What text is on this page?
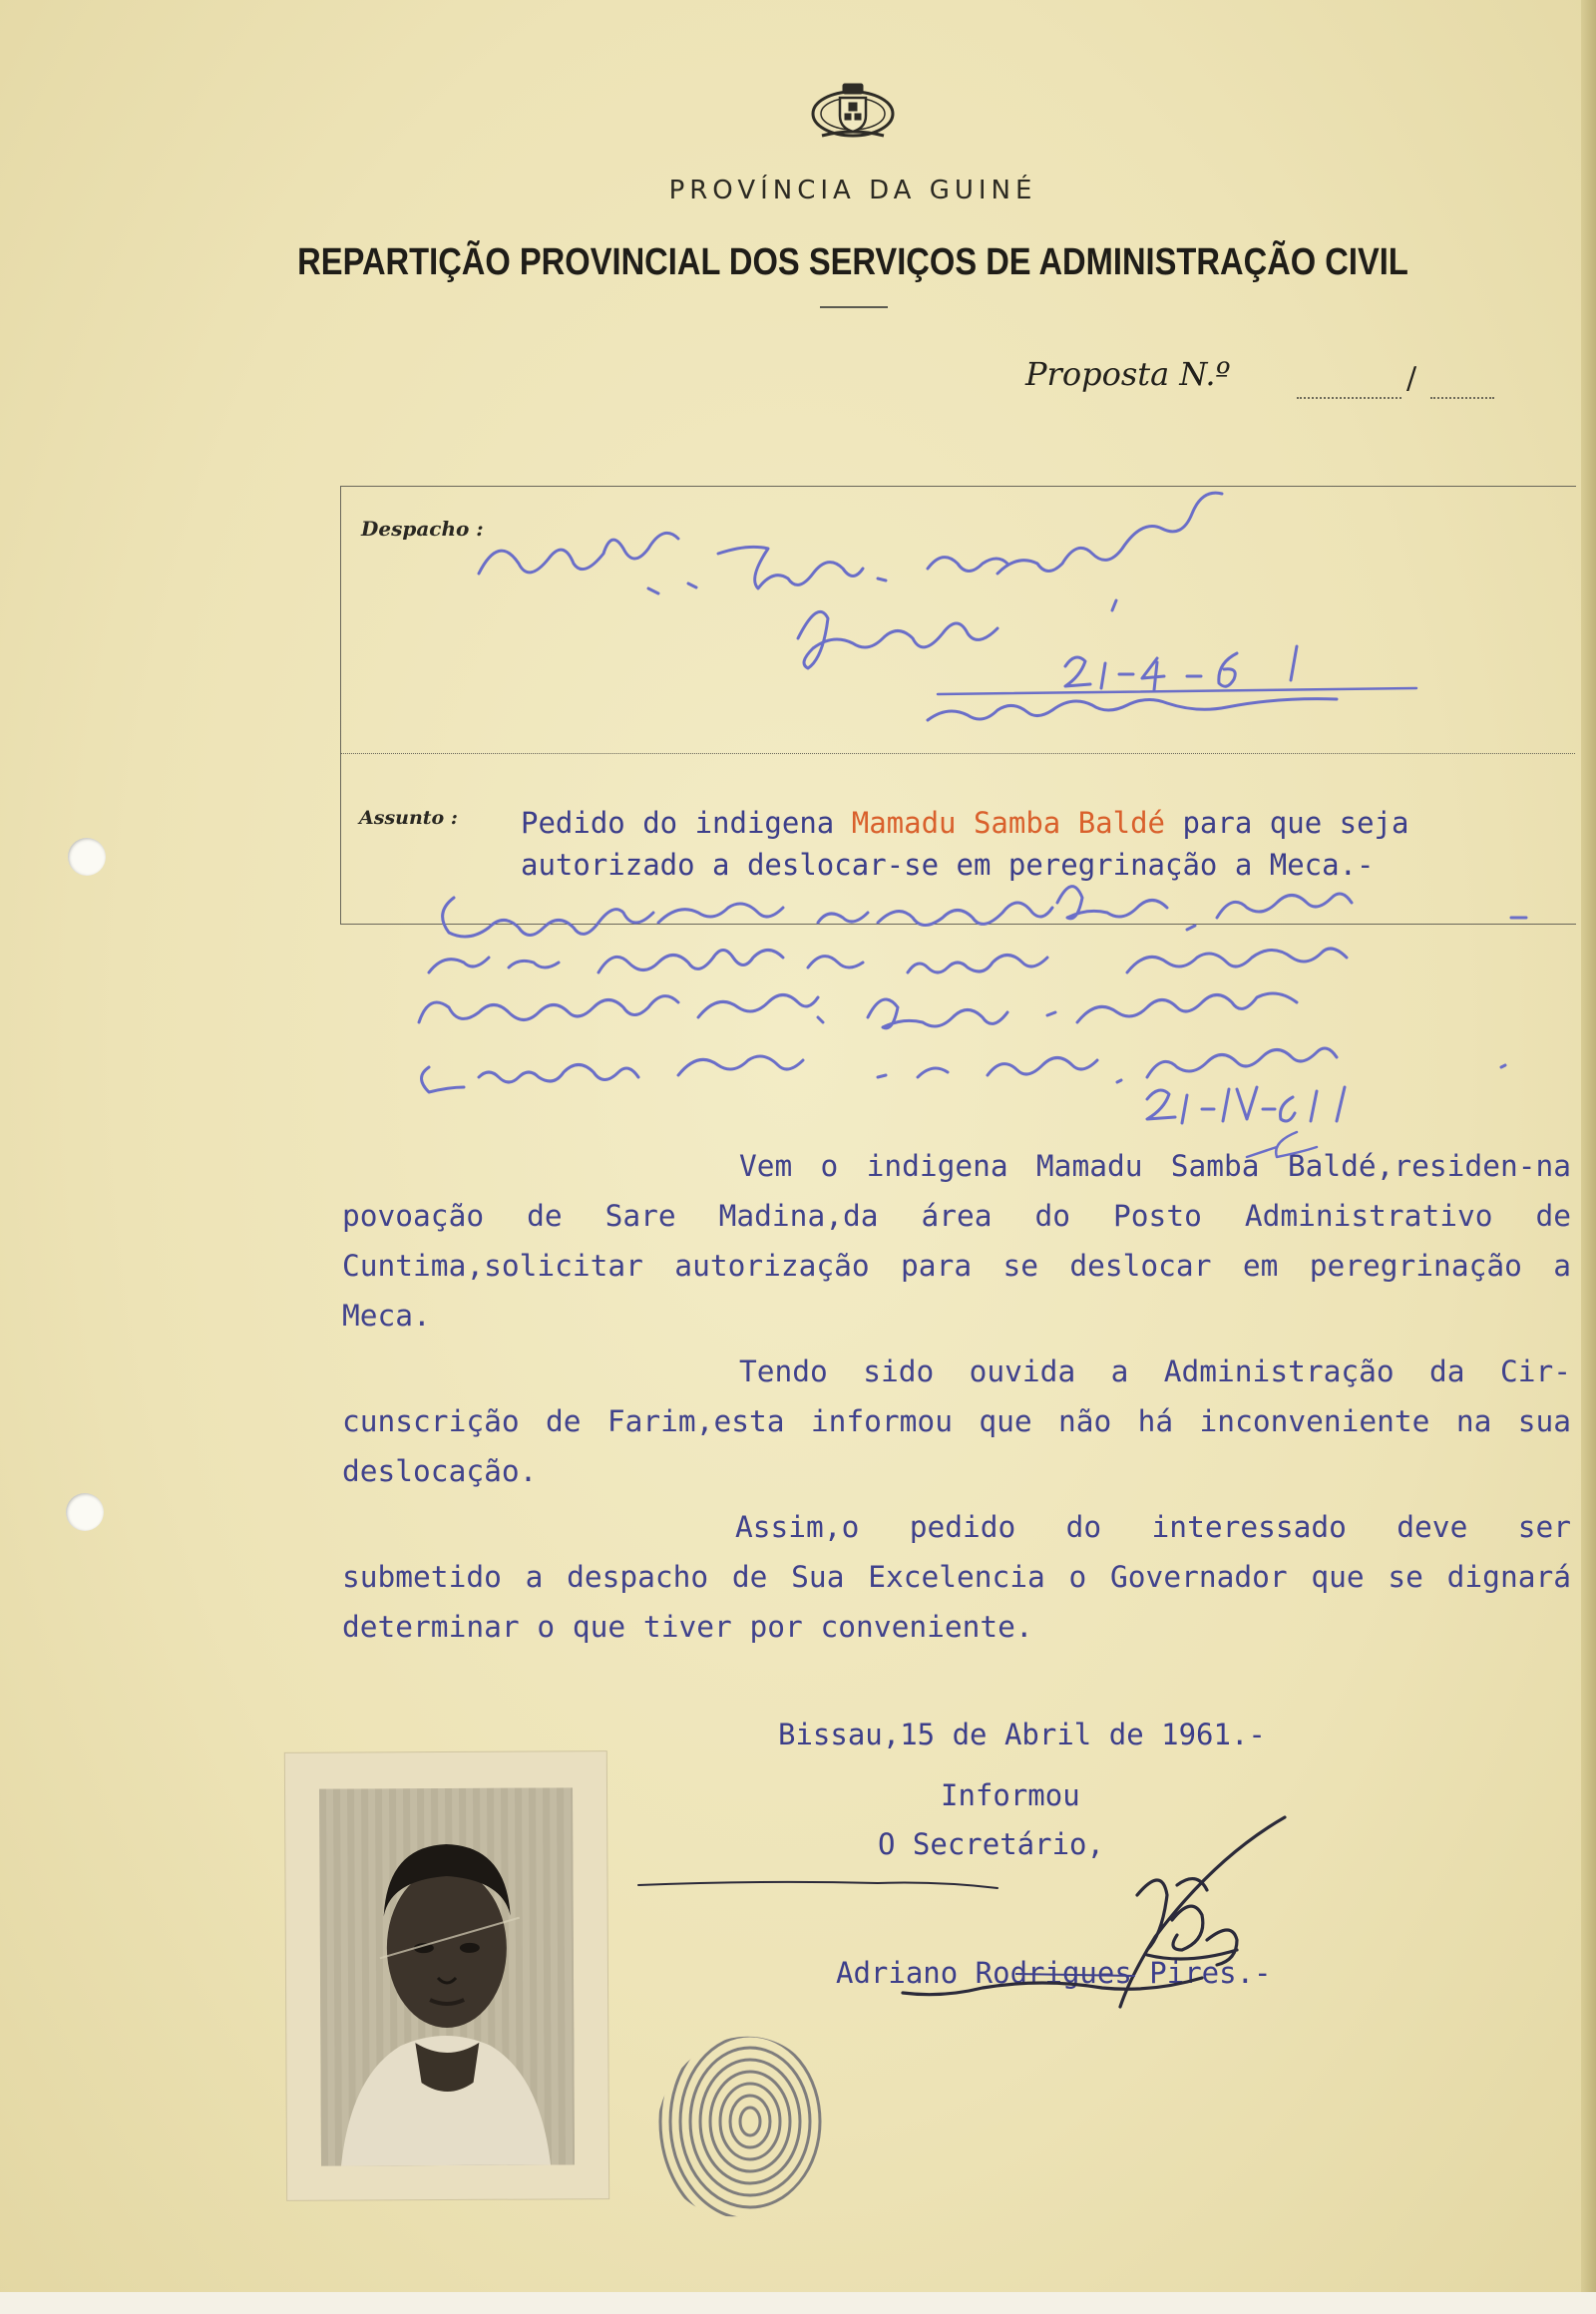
PROVÍNCIA DA GUINÉ
REPARTIÇÃO PROVINCIAL DOS SERVIÇOS DE ADMINISTRAÇÃO CIVIL
Proposta N.º	/
Despacho :
Assunto : Pedido do indigena Mamadu Samba Baldé para que seja autorizado a deslocar-se em peregrinação a Meca.-

Vem o indigena Mamadu Samba Baldé,residen-na povoação de Sare Madina,da área do Posto Administrativo de Cuntima,solicitar autorização para se deslocar em peregrinação a Meca.

Tendo sido ouvida a Administração da Cir-cunscrição de Farim,esta informou que não há inconveniente na sua deslocação.

Assim,o pedido do interessado deve ser submetido a despacho de Sua Excelencia o Governador que se dignará determinar o que tiver por conveniente.

Bissau,15 de Abril de 1961.-
Informou
O Secretário,
Adriano Rodrigues Pires.-
